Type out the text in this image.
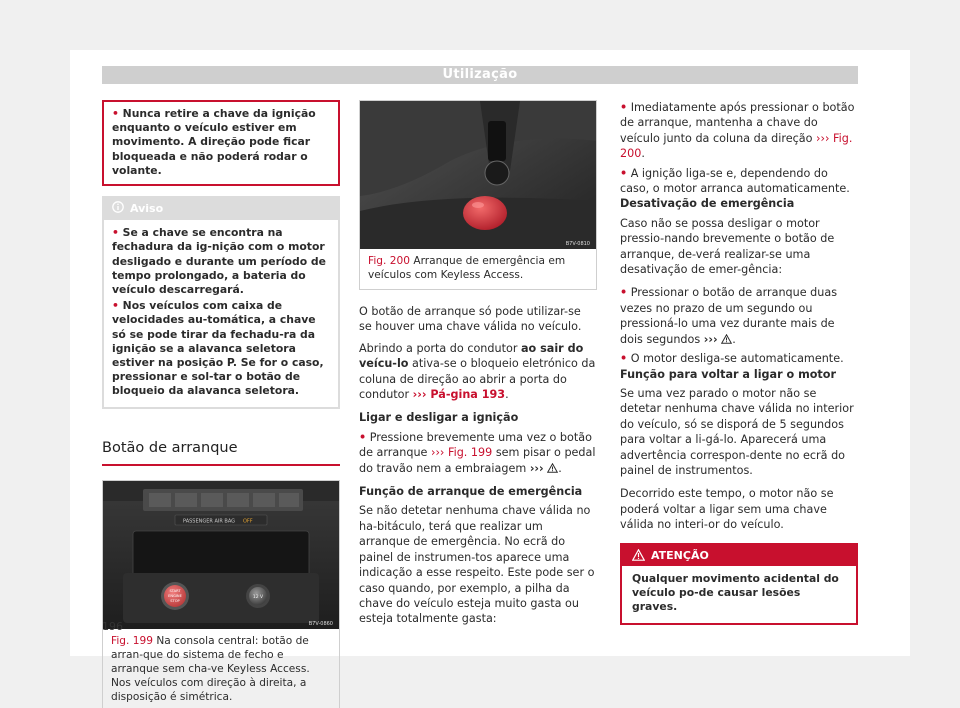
Utilização
• Nunca retire a chave da ignição enquanto o veículo estiver em movimento. A direção pode ficar bloqueada e não poderá rodar o volante.
Aviso

• Se a chave se encontra na fechadura da ig-nição com o motor desligado e durante um período de tempo prolongado, a bateria do veículo descarregará.

• Nos veículos com caixa de velocidades au-tomática, a chave só se pode tirar da fechadu-ra da ignição se a alavanca seletora estiver na posição P. Se for o caso, pressionar e sol-tar o botão de bloqueio da alavanca seletora.

Botão de arranque
PASSENGER AIR BAG OFF
START
ENGINE
STOP
12 V
B7V-0860
Fig. 199 Na consola central: botão de arran-que do sistema de fecho e arranque sem cha-ve Keyless Access. Nos veículos com direção à direita, a disposição é simétrica.
B7V-0810
Fig. 200 Arranque de emergência em veículos com Keyless Access.

O botão de arranque só pode utilizar-se se houver uma chave válida no veículo.

Abrindo a porta do condutor ao sair do veícu-lo ativa-se o bloqueio eletrónico da coluna de direção ao abrir a porta do condutor ››› Pá-gina 193.

Ligar e desligar a ignição

• Pressione brevemente uma vez o botão de arranque ››› Fig. 199 sem pisar o pedal do travão nem a embraiagem ››› .

Função de arranque de emergência

Se não detetar nenhuma chave válida no ha-bitáculo, terá que realizar um arranque de emergência. No ecrã do painel de instrumen-tos aparece uma indicação a esse respeito. Este pode ser o caso quando, por exemplo, a pilha da chave do veículo esteja muito gasta ou esteja totalmente gasta:

• Imediatamente após pressionar o botão de arranque, mantenha a chave do veículo junto da coluna da direção ››› Fig. 200.

• A ignição liga-se e, dependendo do caso, o motor arranca automaticamente.

Desativação de emergência

Caso não se possa desligar o motor pressio-nando brevemente o botão de arranque, de-verá realizar-se uma desativação de emer-gência:

• Pressionar o botão de arranque duas vezes no prazo de um segundo ou pressioná-lo uma vez durante mais de dois segundos ››› .

• O motor desliga-se automaticamente.

Função para voltar a ligar o motor

Se uma vez parado o motor não se detetar nenhuma chave válida no interior do veículo, só se disporá de 5 segundos para voltar a li-gá-lo. Aparecerá uma advertência correspon-dente no ecrã do painel de instrumentos.

Decorrido este tempo, o motor não se poderá voltar a ligar sem uma chave válida no interi-or do veículo.

ATENÇÃO
Qualquer movimento acidental do veículo po-de causar lesões graves.
196
